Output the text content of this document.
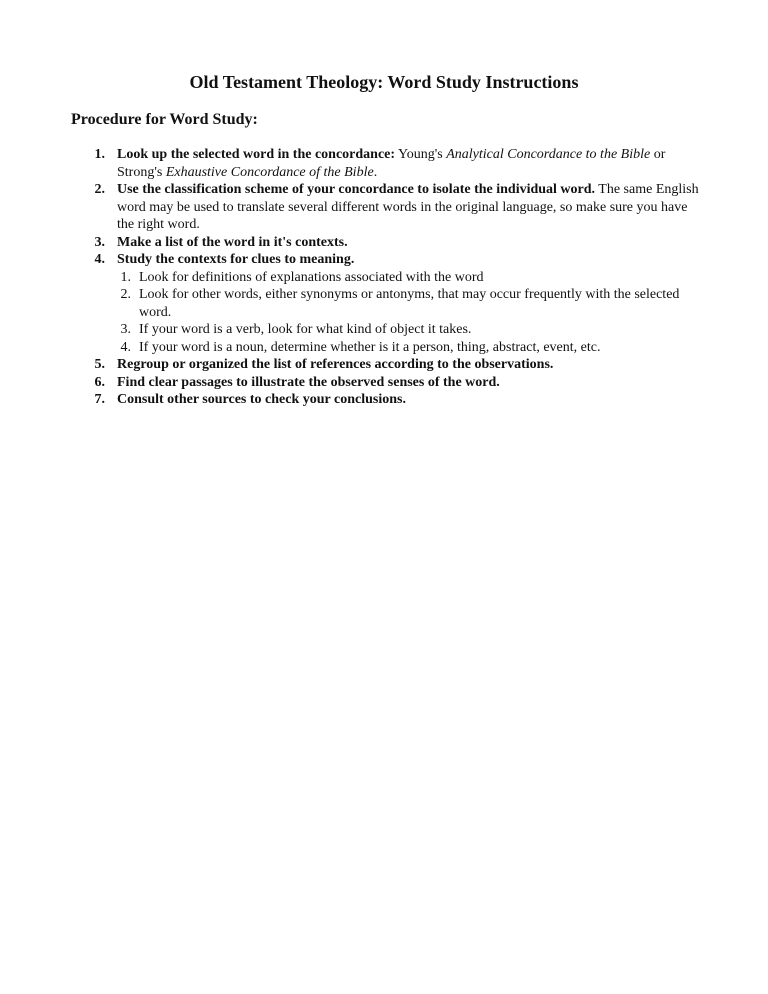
Old Testament Theology: Word Study Instructions
Procedure for Word Study:
1. Look up the selected word in the concordance: Young's Analytical Concordance to the Bible or Strong's Exhaustive Concordance of the Bible.
2. Use the classification scheme of your concordance to isolate the individual word. The same English word may be used to translate several different words in the original language, so make sure you have the right word.
3. Make a list of the word in it's contexts.
4. Study the contexts for clues to meaning.
1. Look for definitions of explanations associated with the word
2. Look for other words, either synonyms or antonyms, that may occur frequently with the selected word.
3. If your word is a verb, look for what kind of object it takes.
4. If your word is a noun, determine whether is it a person, thing, abstract, event, etc.
5. Regroup or organized the list of references according to the observations.
6. Find clear passages to illustrate the observed senses of the word.
7. Consult other sources to check your conclusions.
